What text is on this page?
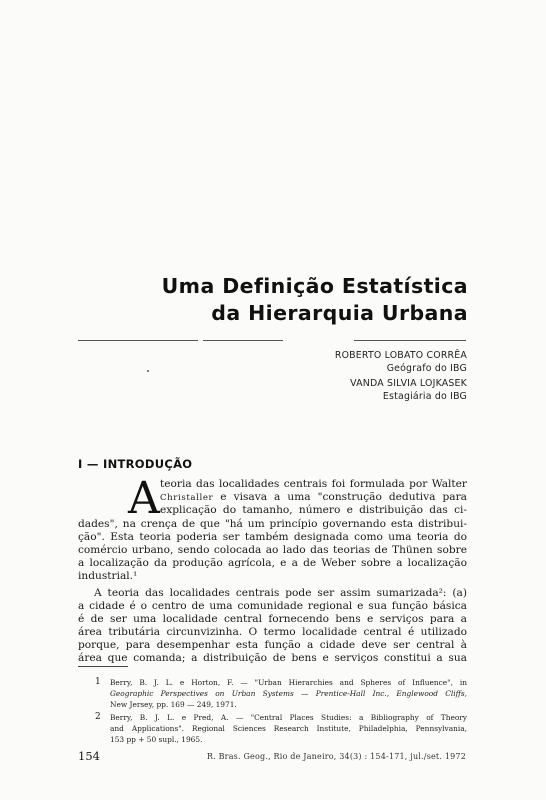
Uma Definição Estatística
da Hierarquia Urbana
ROBERTO LOBATO CORRÊA
Geógrafo do IBG
VANDA SILVIA LOJKASEK
Estagiária do IBG
I — INTRODUÇÃO
A teoria das localidades centrais foi formulada por Walter
Christaller e visava a uma "construção dedutiva para
explicação do tamanho, número e distribuição das ci-
dades", na crença de que "há um princípio governando esta distribui-
ção". Esta teoria poderia ser também designada como uma teoria do
comércio urbano, sendo colocada ao lado das teorias de Thünen sobre
a localização da produção agrícola, e a de Weber sobre a localização
industrial.¹
A teoria das localidades centrais pode ser assim sumarizada²: (a)
a cidade é o centro de uma comunidade regional e sua função básica
é de ser uma localidade central fornecendo bens e serviços para a
área tributária circunvizinha. O termo localidade central é utilizado
porque, para desempenhar esta função a cidade deve ser central à
área que comanda; a distribuição de bens e serviços constitui a sua
1 Berry, B. J. L. e Horton, F. — "Urban Hierarchies and Spheres of Influence", in
Geographic Perspectives on Urban Systems — Prentice-Hall Inc., Englewood Cliffs,
New Jersey, pp. 169 — 249, 1971.
2 Berry, B. J. L. e Pred, A. — "Central Places Studies: a Bibliography of Theory
and Applications". Regional Sciences Research Institute, Philadelphia, Pennsylvania,
153 pp + 50 supl., 1965.
154	R. Bras. Geog., Rio de Janeiro, 34(3) : 154-171, jul./set. 1972
